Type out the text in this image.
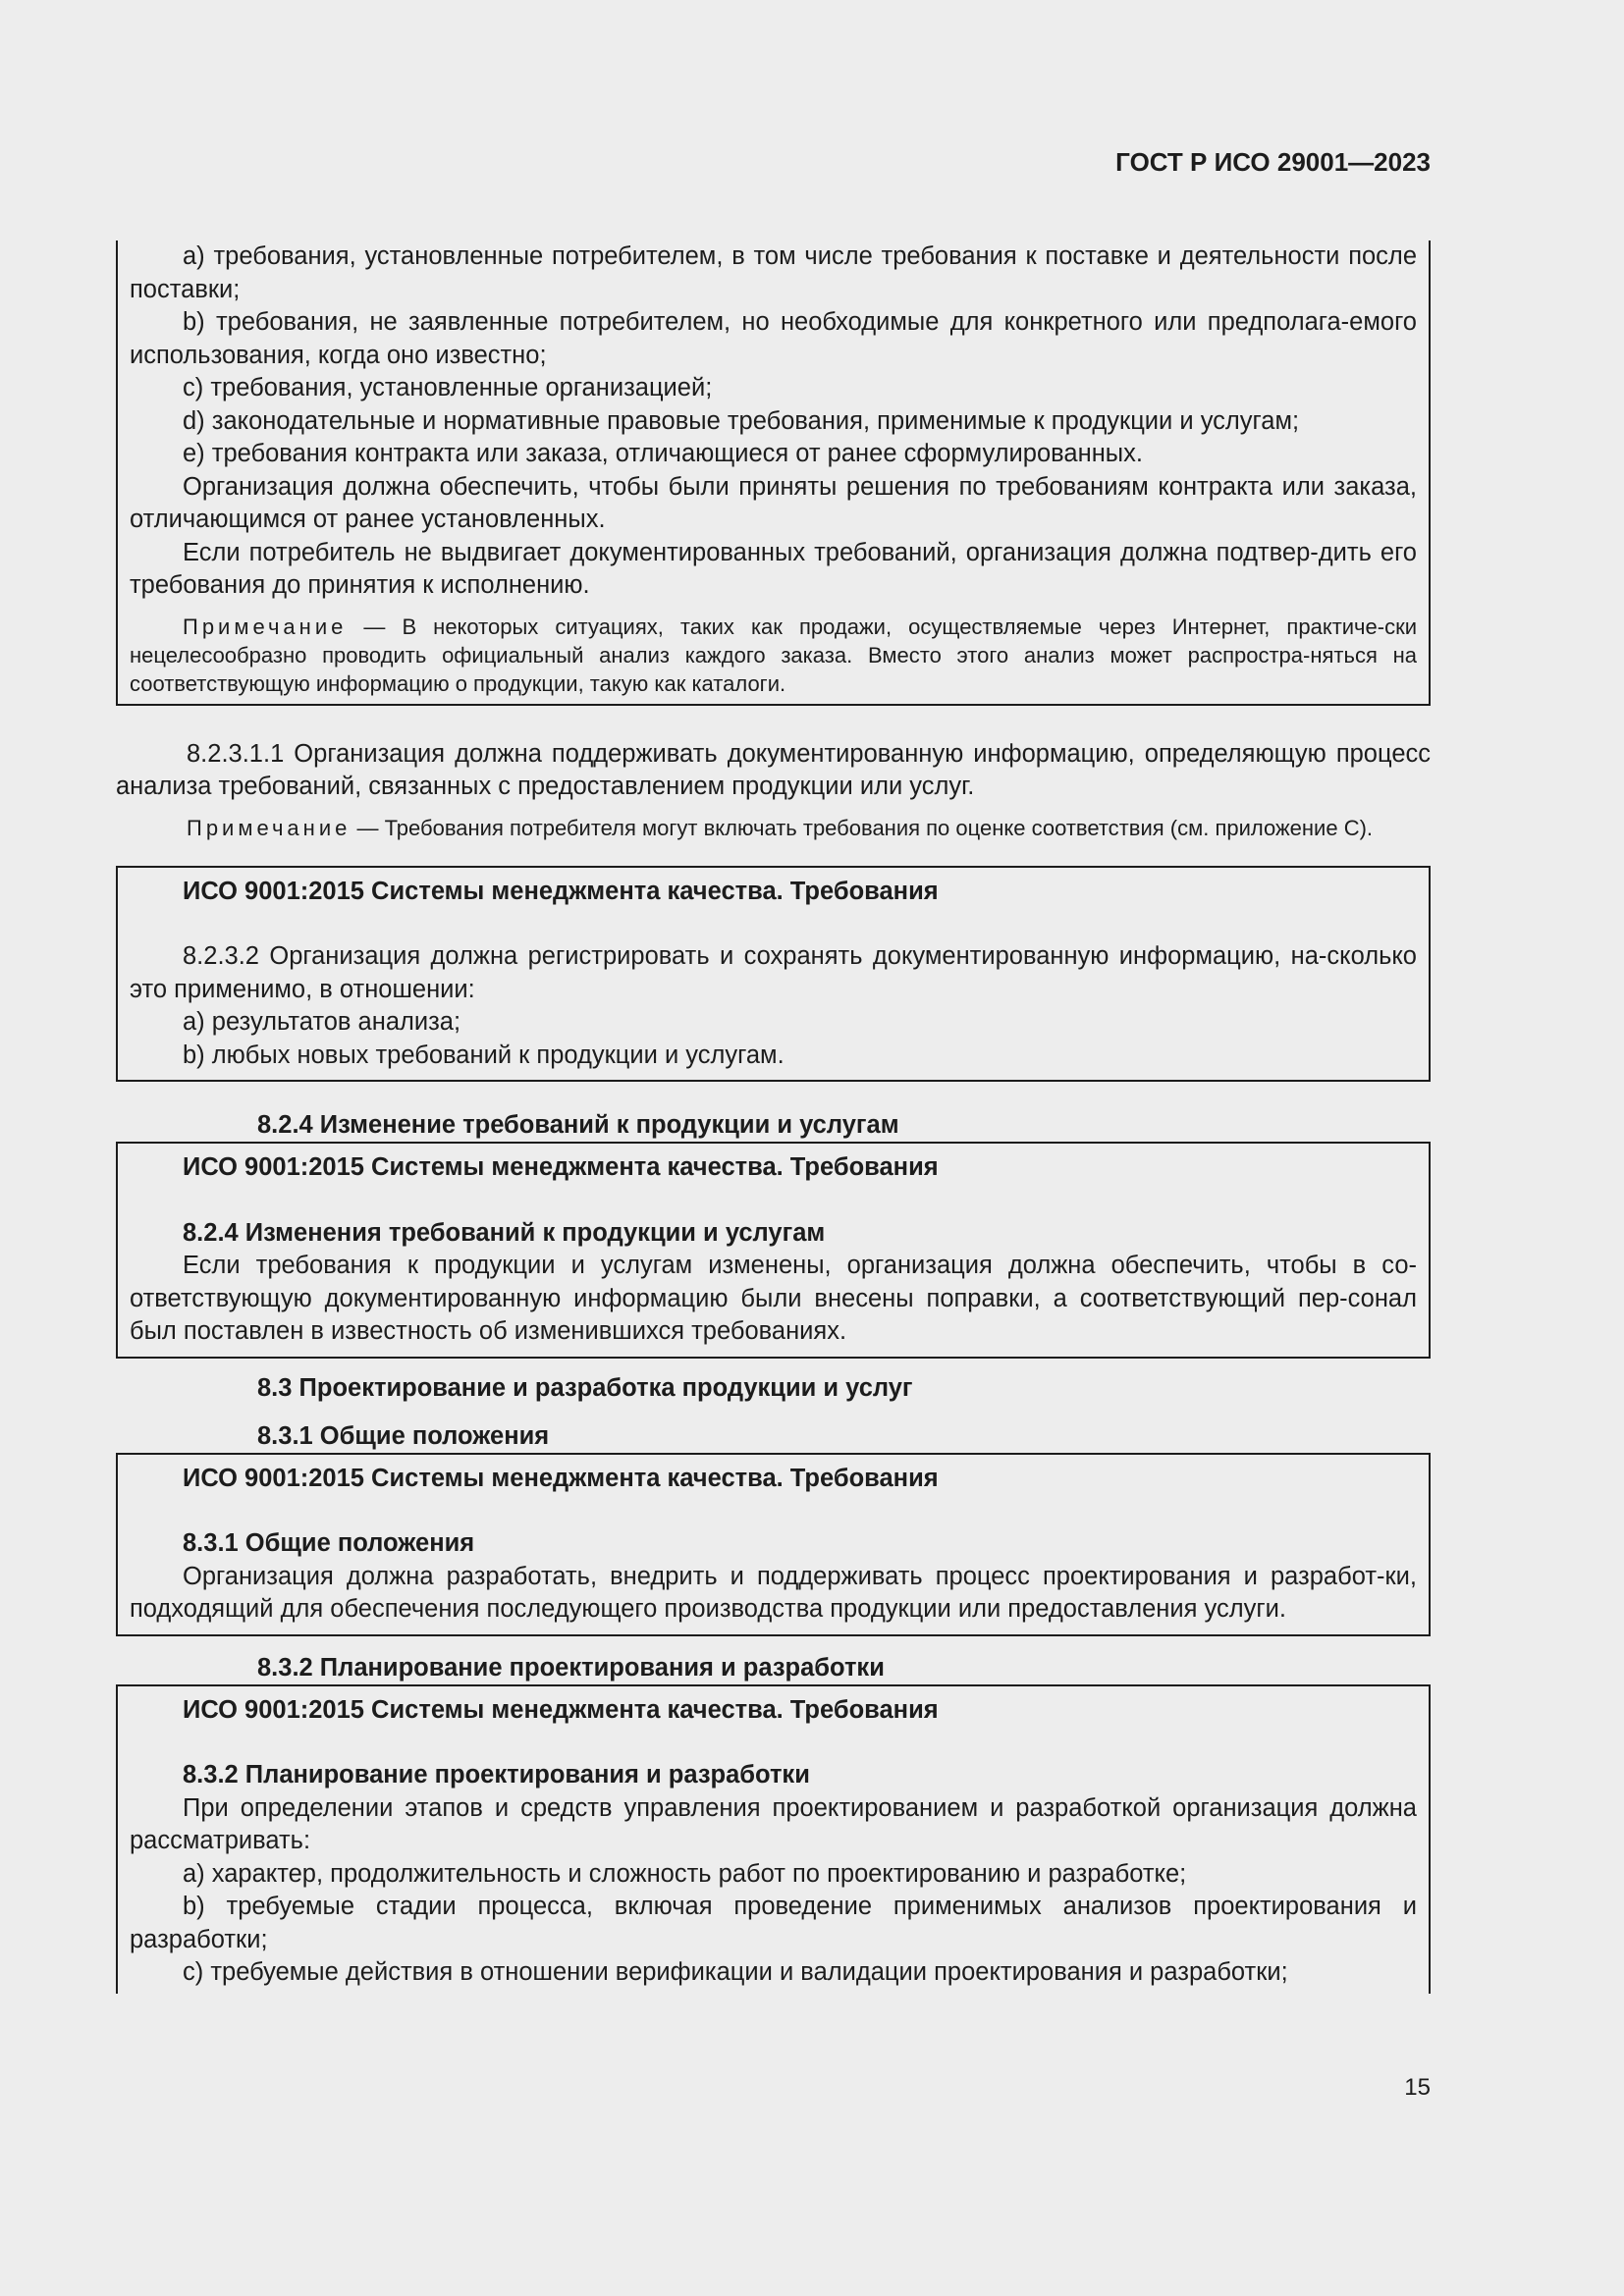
ГОСТ Р ИСО 29001—2023

a) требования, установленные потребителем, в том числе требования к поставке и деятельности после поставки;

b) требования, не заявленные потребителем, но необходимые для конкретного или предполага-емого использования, когда оно известно;

c) требования, установленные организацией;

d) законодательные и нормативные правовые требования, применимые к продукции и услугам;

e) требования контракта или заказа, отличающиеся от ранее сформулированных.

Организация должна обеспечить, чтобы были приняты решения по требованиям контракта или заказа, отличающимся от ранее установленных.

Если потребитель не выдвигает документированных требований, организация должна подтвер-дить его требования до принятия к исполнению.

Примечание — В некоторых ситуациях, таких как продажи, осуществляемые через Интернет, практиче-ски нецелесообразно проводить официальный анализ каждого заказа. Вместо этого анализ может распростра-няться на соответствующую информацию о продукции, такую как каталоги.

8.2.3.1.1 Организация должна поддерживать документированную информацию, определяющую процесс анализа требований, связанных с предоставлением продукции или услуг.

Примечание — Требования потребителя могут включать требования по оценке соответствия (см. приложение C).

ИСО 9001:2015 Системы менеджмента качества. Требования

8.2.3.2 Организация должна регистрировать и сохранять документированную информацию, на-сколько это применимо, в отношении:

a) результатов анализа;

b) любых новых требований к продукции и услугам.

8.2.4 Изменение требований к продукции и услугам

ИСО 9001:2015 Системы менеджмента качества. Требования

8.2.4 Изменения требований к продукции и услугам

Если требования к продукции и услугам изменены, организация должна обеспечить, чтобы в со-ответствующую документированную информацию были внесены поправки, а соответствующий пер-сонал был поставлен в известность об изменившихся требованиях.

8.3 Проектирование и разработка продукции и услуг

8.3.1 Общие положения

ИСО 9001:2015 Системы менеджмента качества. Требования

8.3.1 Общие положения

Организация должна разработать, внедрить и поддерживать процесс проектирования и разработ-ки, подходящий для обеспечения последующего производства продукции или предоставления услуги.

8.3.2 Планирование проектирования и разработки

ИСО 9001:2015 Системы менеджмента качества. Требования

8.3.2 Планирование проектирования и разработки

При определении этапов и средств управления проектированием и разработкой организация должна рассматривать:

a) характер, продолжительность и сложность работ по проектированию и разработке;

b) требуемые стадии процесса, включая проведение применимых анализов проектирования и разработки;

c) требуемые действия в отношении верификации и валидации проектирования и разработки;

15
